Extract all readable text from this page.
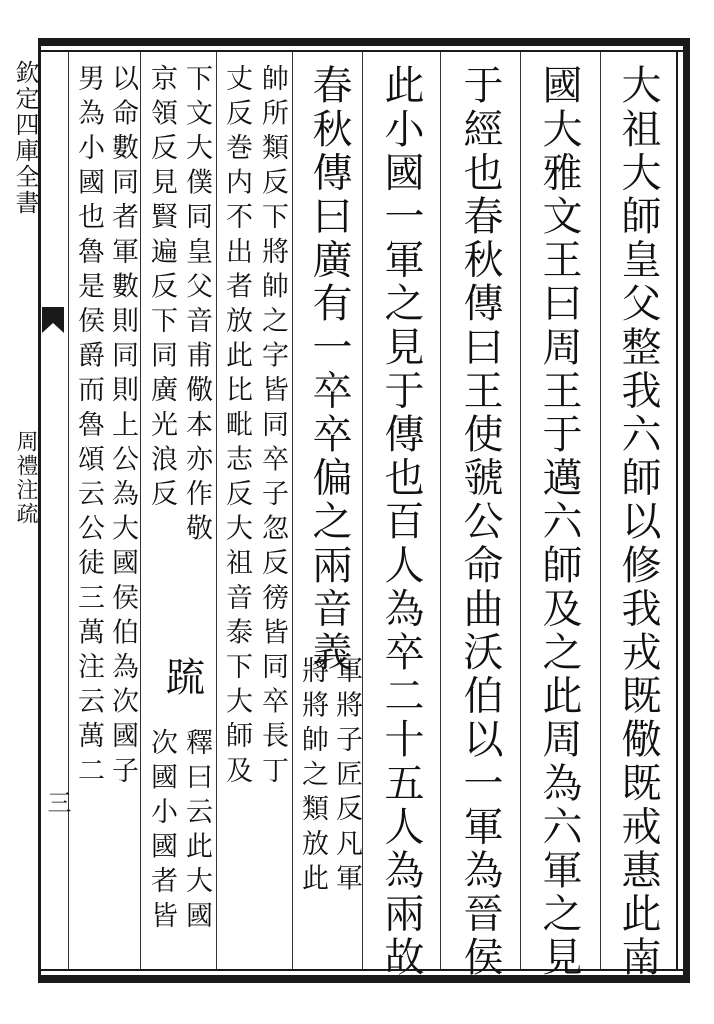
欽定四庫全書
周禮注疏
三	大祖大師皇父整我六師以修我戎既儆既戒惠此南
國大雅文王曰周王于邁六師及之此周為六軍之見
于經也春秋傳曰王使虢公命曲沃伯以一軍為晉侯
此小國一軍之見于傳也百人為卒二十五人為兩故
春秋傳曰廣有一卒卒偏之兩音義
軍將子匠反凡軍
將將帥之類放此
帥所類反下將帥之字皆同卒子忽反徬皆同卒長丁
丈反巻内不出者放此比毗志反大祖音泰下大師及
下文大僕同皇父音甫儆本亦作敬
京領反見賢遍反下同廣光浪反
䟽
釋曰云此大國
次國小國者皆
以命數同者軍數則同則上公為大國侯伯為次國子
男為小國也魯是侯爵而魯頌云公徒三萬注云萬二
